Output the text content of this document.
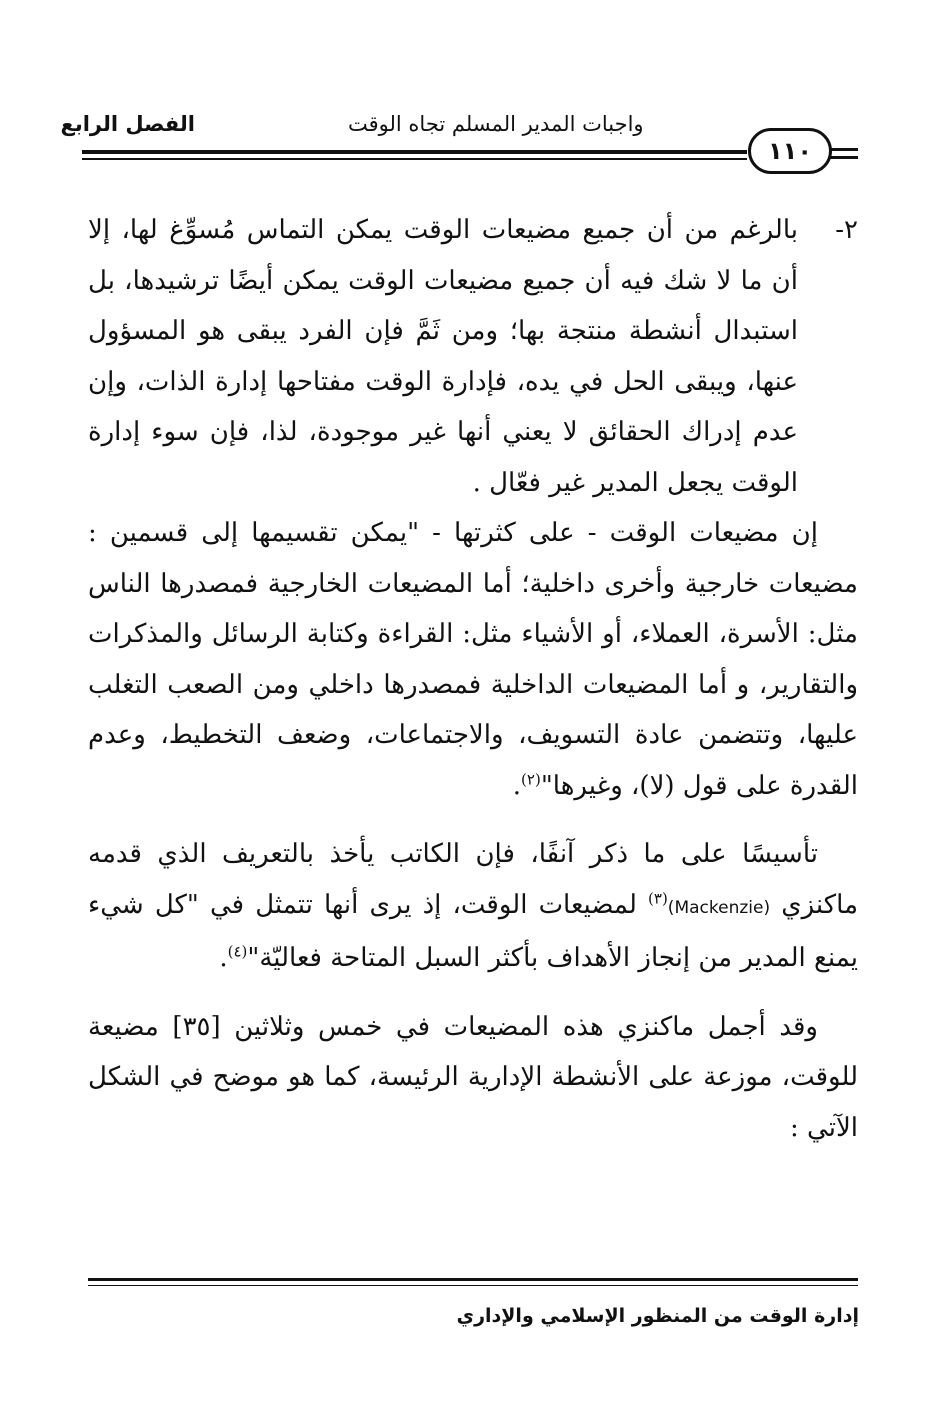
الفصل الرابع	واجبات المدير المسلم تجاه الوقت
١١٠
٢-
بالرغم من أن جميع مضيعات الوقت يمكن التماس مُسوِّغ لها، إلا أن ما لا شك فيه أن جميع مضيعات الوقت يمكن أيضًا ترشيدها، بل استبدال أنشطة منتجة بها؛ ومن ثَمَّ فإن الفرد يبقى هو المسؤول عنها، ويبقى الحل في يده، فإدارة الوقت مفتاحها إدارة الذات، وإن عدم إدراك الحقائق لا يعني أنها غير موجودة، لذا، فإن سوء إدارة الوقت يجعل المدير غير فعّال .

إن مضيعات الوقت - على كثرتها - "يمكن تقسيمها إلى قسمين : مضيعات خارجية وأخرى داخلية؛ أما المضيعات الخارجية فمصدرها الناس مثل: الأسرة، العملاء، أو الأشياء مثل: القراءة وكتابة الرسائل والمذكرات والتقارير، و أما المضيعات الداخلية فمصدرها داخلي ومن الصعب التغلب عليها، وتتضمن عادة التسويف، والاجتماعات، وضعف التخطيط، وعدم القدرة على قول (لا)، وغيرها"$^{(٢)}$.

تأسيسًا على ما ذكر آنفًا، فإن الكاتب يأخذ بالتعريف الذي قدمه ماكنزي (Mackenzie)$^{(٣)}$ لمضيعات الوقت، إذ يرى أنها تتمثل في "كل شيء يمنع المدير من إنجاز الأهداف بأكثر السبل المتاحة فعاليّة"$^{(٤)}$.

وقد أجمل ماكنزي هذه المضيعات في خمس وثلاثين [٣٥] مضيعة للوقت، موزعة على الأنشطة الإدارية الرئيسة، كما هو موضح في الشكل الآتي :

إدارة الوقت من المنظور الإسلامي والإداري
